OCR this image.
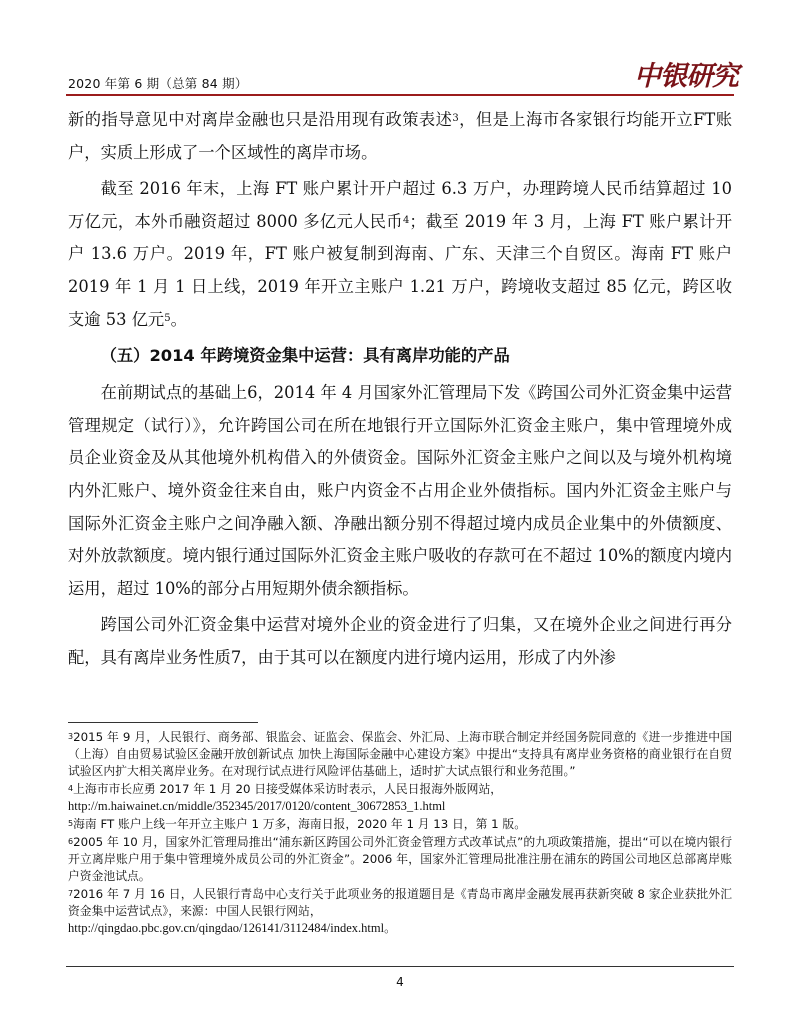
2020 年第 6 期（总第 84 期）	中银研究

新的指导意见中对离岸金融也只是沿用现有政策表述$^3$，但是上海市各家银行均能开立FT账户，实质上形成了一个区域性的离岸市场。

截至 2016 年末，上海 FT 账户累计开户超过 6.3 万户，办理跨境人民币结算超过 10 万亿元，本外币融资超过 8000 多亿元人民币$^4$；截至 2019 年 3 月，上海 FT 账户累计开户 13.6 万户。2019 年，FT 账户被复制到海南、广东、天津三个自贸区。海南 FT 账户 2019 年 1 月 1 日上线，2019 年开立主账户 1.21 万户，跨境收支超过 85 亿元，跨区收支逾 53 亿元$^5$。

（五）2014 年跨境资金集中运营：具有离岸功能的产品

在前期试点的基础上6，2014 年 4 月国家外汇管理局下发《跨国公司外汇资金集中运营管理规定（试行）》，允许跨国公司在所在地银行开立国际外汇资金主账户，集中管理境外成员企业资金及从其他境外机构借入的外债资金。国际外汇资金主账户之间以及与境外机构境内外汇账户、境外资金往来自由，账户内资金不占用企业外债指标。国内外汇资金主账户与国际外汇资金主账户之间净融入额、净融出额分别不得超过境内成员企业集中的外债额度、对外放款额度。境内银行通过国际外汇资金主账户吸收的存款可在不超过 10%的额度内境内运用，超过 10%的部分占用短期外债余额指标。

跨国公司外汇资金集中运营对境外企业的资金进行了归集，又在境外企业之间进行再分配，具有离岸业务性质7，由于其可以在额度内进行境内运用，形成了内外渗

$^3$2015 年 9 月，人民银行、商务部、银监会、证监会、保监会、外汇局、上海市联合制定并经国务院同意的《进一步推进中国（上海）自由贸易试验区金融开放创新试点 加快上海国际金融中心建设方案》中提出“支持具有离岸业务资格的商业银行在自贸试验区内扩大相关离岸业务。在对现行试点进行风险评估基础上，适时扩大试点银行和业务范围。”

$^4$上海市市长应勇 2017 年 1 月 20 日接受媒体采访时表示，人民日报海外版网站，
http://m.haiwainet.cn/middle/352345/2017/0120/content_30672853_1.html

$^5$海南 FT 账户上线一年开立主账户 1 万多，海南日报，2020 年 1 月 13 日，第 1 版。

$^6$2005 年 10 月，国家外汇管理局推出“浦东新区跨国公司外汇资金管理方式改革试点”的九项政策措施，提出“可以在境内银行开立离岸账户用于集中管理境外成员公司的外汇资金”。2006 年，国家外汇管理局批准注册在浦东的跨国公司地区总部离岸账户资金池试点。

$^7$2016 年 7 月 16 日，人民银行青岛中心支行关于此项业务的报道题目是《青岛市离岸金融发展再获新突破 8 家企业获批外汇资金集中运营试点》，来源：中国人民银行网站，
http://qingdao.pbc.gov.cn/qingdao/126141/3112484/index.html。

4
